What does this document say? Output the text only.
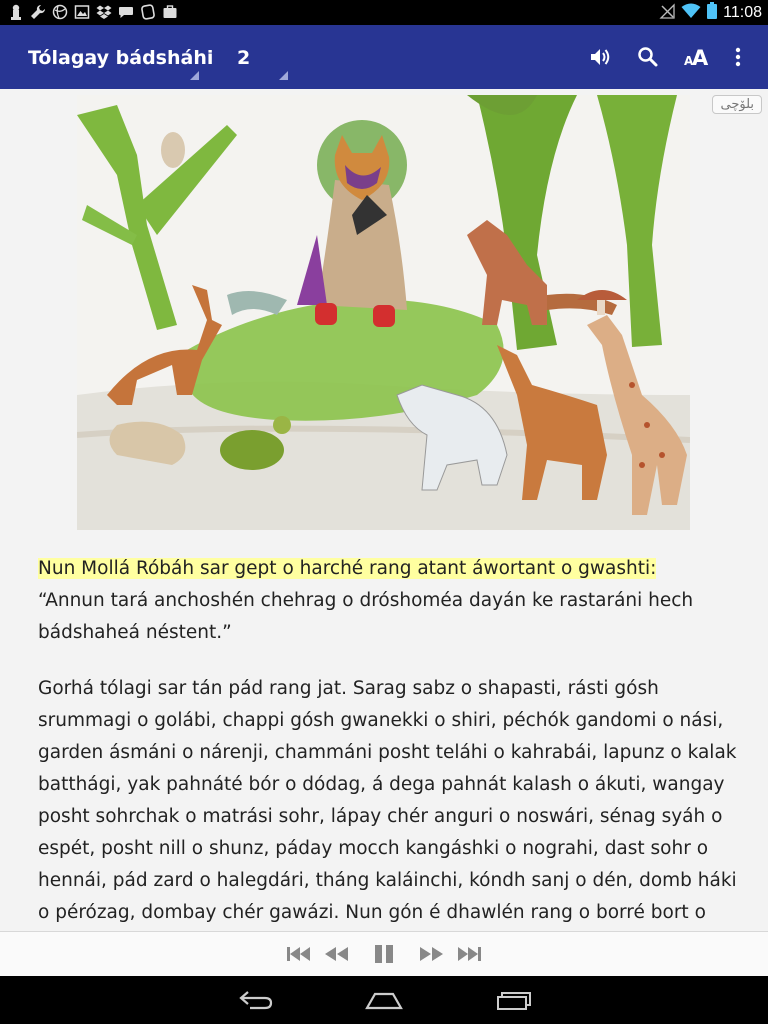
11:08
Tólagay bádsháhi 2	A
A
بلۆچی
Nun Mollá Róbáh sar gept o harché rang atant áwortant o gwashti:
“Annun tará anchoshén chehrag o dróshoméa dayán ke rastaráni hech bádshaheá néstent.”
Gorhá tólagi sar tán pád rang jat. Sarag sabz o shapasti, rásti gósh srummagi o golábi, chappi gósh gwanekki o shiri, péchók gandomi o nási, garden ásmáni o nárenji, chammáni posht teláhi o kahrabái, lapunz o kalak batthági, yak pahnáté bór o dódag, á dega pahnát kalash o ákuti, wangay posht sohrchak o matrási sohr, lápay chér anguri o noswári, sénag syáh o espét, posht nill o shunz, páday mocch kangáshki o nograhi, dast sohr o hennái, pád zard o halegdári, tháng kaláinchi, kóndh sanj o dén, domb háki o pérózag, dombay chér gawázi. Nun gón é dhawlén rang o borré bort o
